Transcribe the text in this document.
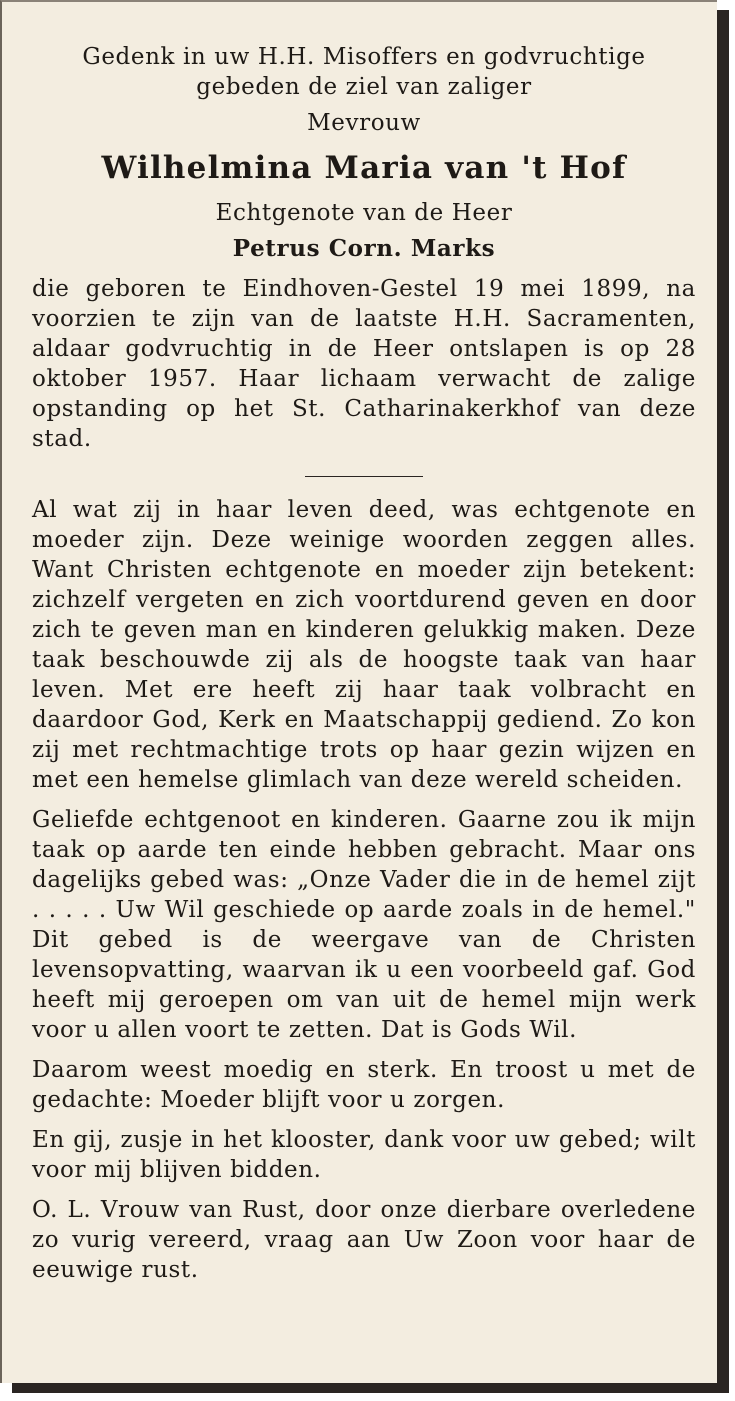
Gedenk in uw H.H. Misoffers en godvruchtige

gebeden de ziel van zaliger

Mevrouw

Wilhelmina Maria van 't Hof

Echtgenote van de Heer

Petrus Corn. Marks

die geboren te Eindhoven-Gestel 19 mei 1899, na voorzien te zijn van de laatste H.H. Sacramenten, aldaar godvruchtig in de Heer ontslapen is op 28 oktober 1957. Haar lichaam verwacht de zalige opstanding op het St. Catharinakerkhof van deze stad.

Al wat zij in haar leven deed, was echtgenote en moeder zijn. Deze weinige woorden zeggen alles. Want Christen echtgenote en moeder zijn betekent: zichzelf vergeten en zich voortdurend geven en door zich te geven man en kinderen gelukkig maken. Deze taak beschouwde zij als de hoogste taak van haar leven. Met ere heeft zij haar taak volbracht en daardoor God, Kerk en Maatschappij gediend. Zo kon zij met rechtmachtige trots op haar gezin wijzen en met een hemelse glimlach van deze wereld scheiden.

Geliefde echtgenoot en kinderen. Gaarne zou ik mijn taak op aarde ten einde hebben gebracht. Maar ons dagelijks gebed was: „Onze Vader die in de hemel zijt . . . . . Uw Wil geschiede op aarde zoals in de hemel." Dit gebed is de weergave van de Christen levensopvatting, waarvan ik u een voorbeeld gaf. God heeft mij geroepen om van uit de hemel mijn werk voor u allen voort te zetten. Dat is Gods Wil.

Daarom weest moedig en sterk. En troost u met de gedachte: Moeder blijft voor u zorgen.

En gij, zusje in het klooster, dank voor uw gebed; wilt voor mij blijven bidden.

O. L. Vrouw van Rust, door onze dierbare overledene zo vurig vereerd, vraag aan Uw Zoon voor haar de eeuwige rust.
